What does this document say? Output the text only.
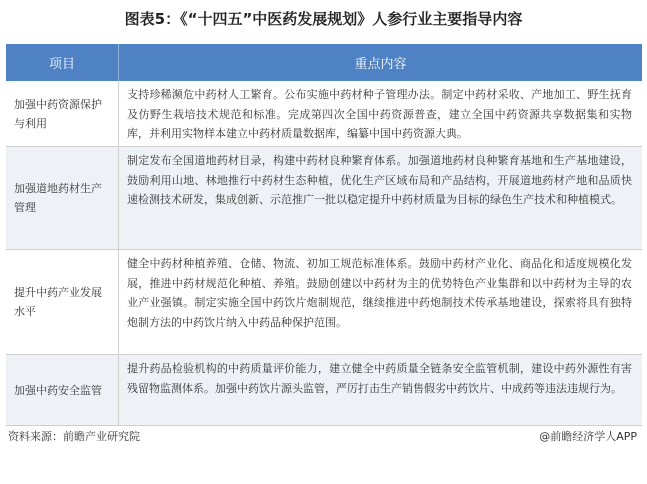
图表5：《“十四五”中医药发展规划》人参行业主要指导内容
项目	重点内容
加强中药资源保护与利用
支持珍稀濒危中药材人工繁育。公布实施中药材种子管理办法。制定中药材采收、产地加工、野生抚育及仿野生栽培技术规范和标准。完成第四次全国中药资源普查，建立全国中药资源共享数据集和实物库，并利用实物样本建立中药材质量数据库，编纂中国中药资源大典。
加强道地药材生产管理
制定发布全国道地药材目录，构建中药材良种繁育体系。加强道地药材良种繁育基地和生产基地建设，鼓励利用山地、林地推行中药材生态种植，优化生产区域布局和产品结构，开展道地药材产地和品质快速检测技术研发，集成创新、示范推广一批以稳定提升中药材质量为目标的绿色生产技术和种植模式。
提升中药产业发展水平
健全中药材种植养殖、仓储、物流、初加工规范标准体系。鼓励中药材产业化、商品化和适度规模化发展，推进中药材规范化种植、养殖。鼓励创建以中药材为主的优势特色产业集群和以中药材为主导的农业产业强镇。制定实施全国中药饮片炮制规范，继续推进中药炮制技术传承基地建设，探索将具有独特炮制方法的中药饮片纳入中药品种保护范围。
加强中药安全监管
提升药品检验机构的中药质量评价能力，建立健全中药质量全链条安全监管机制，建设中药外源性有害残留物监测体系。加强中药饮片源头监管，严厉打击生产销售假劣中药饮片、中成药等违法违规行为。
资料来源：前瞻产业研究院	@前瞻经济学人APP
